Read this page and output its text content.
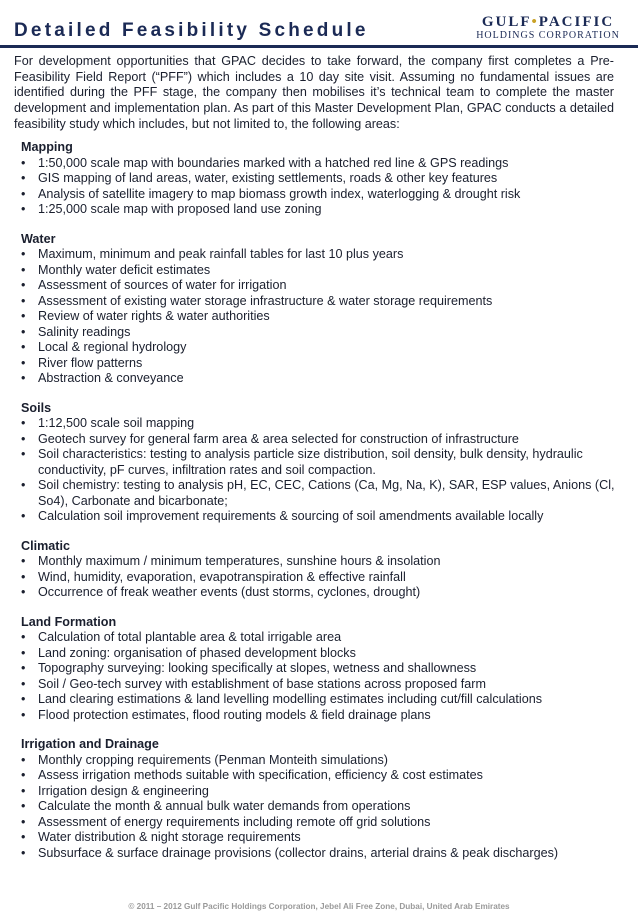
Detailed Feasibility Schedule	GULF•PACIFIC
HOLDINGS CORPORATION
For development opportunities that GPAC decides to take forward, the company first completes a Pre-Feasibility Field Report (“PFF”) which includes a 10 day site visit. Assuming no fundamental issues are identified during the PFF stage, the company then mobilises it’s technical team to complete the master development and implementation plan. As part of this Master Development Plan, GPAC conducts a detailed feasibility study which includes, but not limited to, the following areas:
Mapping
• 1:50,000 scale map with boundaries marked with a hatched red line & GPS readings
• GIS mapping of land areas, water, existing settlements, roads & other key features
• Analysis of satellite imagery to map biomass growth index, waterlogging & drought risk
• 1:25,000 scale map with proposed land use zoning
Water
• Maximum, minimum and peak rainfall tables for last 10 plus years
• Monthly water deficit estimates
• Assessment of sources of water for irrigation
• Assessment of existing water storage infrastructure & water storage requirements
• Review of water rights & water authorities
• Salinity readings
• Local & regional hydrology
• River flow patterns
• Abstraction & conveyance
Soils
• 1:12,500 scale soil mapping
• Geotech survey for general farm area & area selected for construction of infrastructure
• Soil characteristics: testing to analysis particle size distribution, soil density, bulk density, hydraulic conductivity, pF curves, infiltration rates and soil compaction.
• Soil chemistry: testing to analysis pH, EC, CEC, Cations (Ca, Mg, Na, K), SAR, ESP values, Anions (Cl, So4), Carbonate and bicarbonate;
• Calculation soil improvement requirements & sourcing of soil amendments available locally
Climatic
• Monthly maximum / minimum temperatures, sunshine hours & insolation
• Wind, humidity, evaporation, evapotranspiration & effective rainfall
• Occurrence of freak weather events (dust storms, cyclones, drought)
Land Formation
• Calculation of total plantable area & total irrigable area
• Land zoning: organisation of phased development blocks
• Topography surveying: looking specifically at slopes, wetness and shallowness
• Soil / Geo-tech survey with establishment of base stations across proposed farm
• Land clearing estimations & land levelling modelling estimates including cut/fill calculations
• Flood protection estimates, flood routing models & field drainage plans
Irrigation and Drainage
• Monthly cropping requirements (Penman Monteith simulations)
• Assess irrigation methods suitable with specification, efficiency & cost estimates
• Irrigation design & engineering
• Calculate the month & annual bulk water demands from operations
• Assessment of energy requirements including remote off grid solutions
• Water distribution & night storage requirements
• Subsurface & surface drainage provisions (collector drains, arterial drains & peak discharges)
© 2011 – 2012 Gulf Pacific Holdings Corporation, Jebel Ali Free Zone, Dubai, United Arab Emirates
